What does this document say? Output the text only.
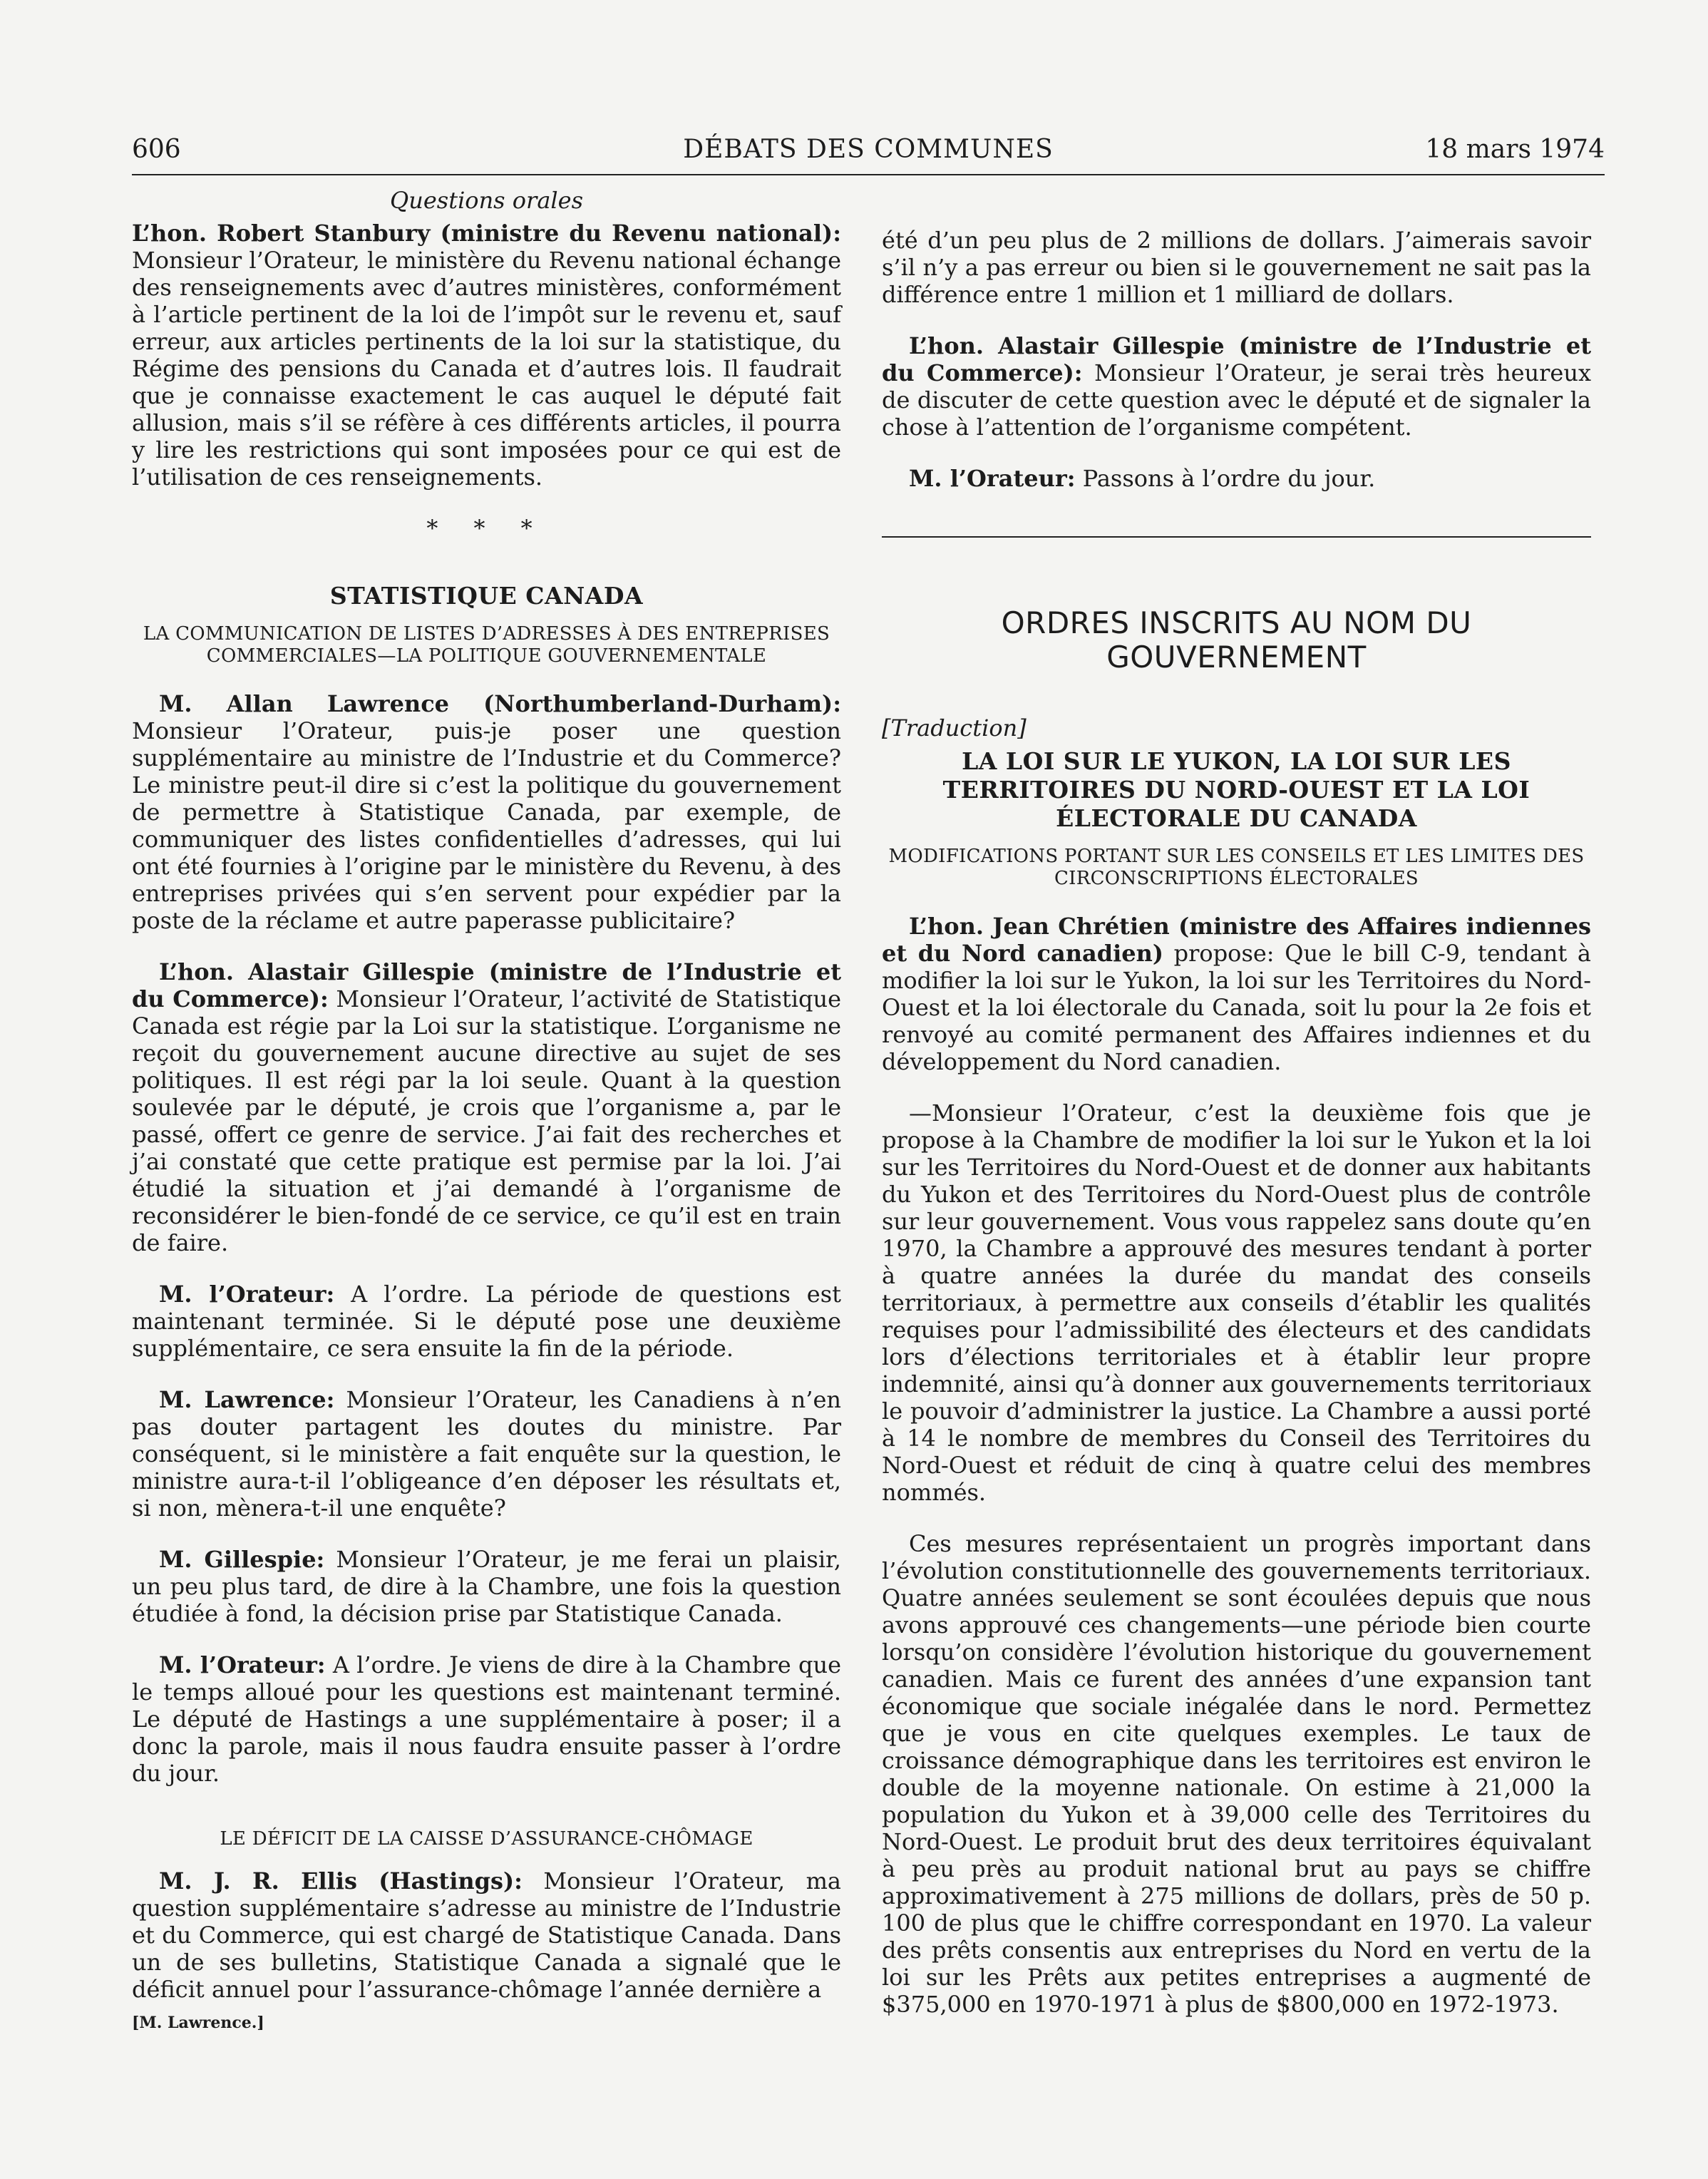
606	DÉBATS DES COMMUNES	18 mars 1974
Questions orales

L’hon. Robert Stanbury (ministre du Revenu national): Monsieur l’Orateur, le ministère du Revenu national échange des renseignements avec d’autres ministères, conformément à l’article pertinent de la loi de l’impôt sur le revenu et, sauf erreur, aux articles pertinents de la loi sur la statistique, du Régime des pensions du Canada et d’autres lois. Il faudrait que je connaisse exactement le cas auquel le député fait allusion, mais s’il se réfère à ces différents articles, il pourra y lire les restrictions qui sont imposées pour ce qui est de l’utilisation de ces renseignements.

* * *
STATISTIQUE CANADA
LA COMMUNICATION DE LISTES D’ADRESSES À DES ENTREPRISES COMMERCIALES—LA POLITIQUE GOUVERNEMENTALE

M. Allan Lawrence (Northumberland-Durham): Monsieur l’Orateur, puis-je poser une question supplémentaire au ministre de l’Industrie et du Commerce? Le ministre peut-il dire si c’est la politique du gouvernement de permettre à Statistique Canada, par exemple, de communiquer des listes confidentielles d’adresses, qui lui ont été fournies à l’origine par le ministère du Revenu, à des entreprises privées qui s’en servent pour expédier par la poste de la réclame et autre paperasse publicitaire?

L’hon. Alastair Gillespie (ministre de l’Industrie et du Commerce): Monsieur l’Orateur, l’activité de Statistique Canada est régie par la Loi sur la statistique. L’organisme ne reçoit du gouvernement aucune directive au sujet de ses politiques. Il est régi par la loi seule. Quant à la question soulevée par le député, je crois que l’organisme a, par le passé, offert ce genre de service. J’ai fait des recherches et j’ai constaté que cette pratique est permise par la loi. J’ai étudié la situation et j’ai demandé à l’organisme de reconsidérer le bien-fondé de ce service, ce qu’il est en train de faire.

M. l’Orateur: A l’ordre. La période de questions est maintenant terminée. Si le député pose une deuxième supplémentaire, ce sera ensuite la fin de la période.

M. Lawrence: Monsieur l’Orateur, les Canadiens à n’en pas douter partagent les doutes du ministre. Par conséquent, si le ministère a fait enquête sur la question, le ministre aura-t-il l’obligeance d’en déposer les résultats et, si non, mènera-t-il une enquête?

M. Gillespie: Monsieur l’Orateur, je me ferai un plaisir, un peu plus tard, de dire à la Chambre, une fois la question étudiée à fond, la décision prise par Statistique Canada.

M. l’Orateur: A l’ordre. Je viens de dire à la Chambre que le temps alloué pour les questions est maintenant terminé. Le député de Hastings a une supplémentaire à poser; il a donc la parole, mais il nous faudra ensuite passer à l’ordre du jour.

LE DÉFICIT DE LA CAISSE D’ASSURANCE-CHÔMAGE

M. J. R. Ellis (Hastings): Monsieur l’Orateur, ma question supplémentaire s’adresse au ministre de l’Industrie et du Commerce, qui est chargé de Statistique Canada. Dans un de ses bulletins, Statistique Canada a signalé que le déficit annuel pour l’assurance-chômage l’année dernière a

[M. Lawrence.]

été d’un peu plus de 2 millions de dollars. J’aimerais savoir s’il n’y a pas erreur ou bien si le gouvernement ne sait pas la différence entre 1 million et 1 milliard de dollars.

L’hon. Alastair Gillespie (ministre de l’Industrie et du Commerce): Monsieur l’Orateur, je serai très heureux de discuter de cette question avec le député et de signaler la chose à l’attention de l’organisme compétent.

M. l’Orateur: Passons à l’ordre du jour.

ORDRES INSCRITS AU NOM DU GOUVERNEMENT
[Traduction]
LA LOI SUR LE YUKON, LA LOI SUR LES TERRITOIRES DU NORD-OUEST ET LA LOI ÉLECTORALE DU CANADA
MODIFICATIONS PORTANT SUR LES CONSEILS ET LES LIMITES DES CIRCONSCRIPTIONS ÉLECTORALES

L’hon. Jean Chrétien (ministre des Affaires indiennes et du Nord canadien) propose: Que le bill C-9, tendant à modifier la loi sur le Yukon, la loi sur les Territoires du Nord-Ouest et la loi électorale du Canada, soit lu pour la 2e fois et renvoyé au comité permanent des Affaires indiennes et du développement du Nord canadien.

—Monsieur l’Orateur, c’est la deuxième fois que je propose à la Chambre de modifier la loi sur le Yukon et la loi sur les Territoires du Nord-Ouest et de donner aux habitants du Yukon et des Territoires du Nord-Ouest plus de contrôle sur leur gouvernement. Vous vous rappelez sans doute qu’en 1970, la Chambre a approuvé des mesures tendant à porter à quatre années la durée du mandat des conseils territoriaux, à permettre aux conseils d’établir les qualités requises pour l’admissibilité des électeurs et des candidats lors d’élections territoriales et à établir leur propre indemnité, ainsi qu’à donner aux gouvernements territoriaux le pouvoir d’administrer la justice. La Chambre a aussi porté à 14 le nombre de membres du Conseil des Territoires du Nord-Ouest et réduit de cinq à quatre celui des membres nommés.

Ces mesures représentaient un progrès important dans l’évolution constitutionnelle des gouvernements territoriaux. Quatre années seulement se sont écoulées depuis que nous avons approuvé ces changements—une période bien courte lorsqu’on considère l’évolution historique du gouvernement canadien. Mais ce furent des années d’une expansion tant économique que sociale inégalée dans le nord. Permettez que je vous en cite quelques exemples. Le taux de croissance démographique dans les territoires est environ le double de la moyenne nationale. On estime à 21,000 la population du Yukon et à 39,000 celle des Territoires du Nord-Ouest. Le produit brut des deux territoires équivalant à peu près au produit national brut au pays se chiffre approximativement à 275 millions de dollars, près de 50 p. 100 de plus que le chiffre correspondant en 1970. La valeur des prêts consentis aux entreprises du Nord en vertu de la loi sur les Prêts aux petites entreprises a augmenté de $375,000 en 1970-1971 à plus de $800,000 en 1972-1973.
